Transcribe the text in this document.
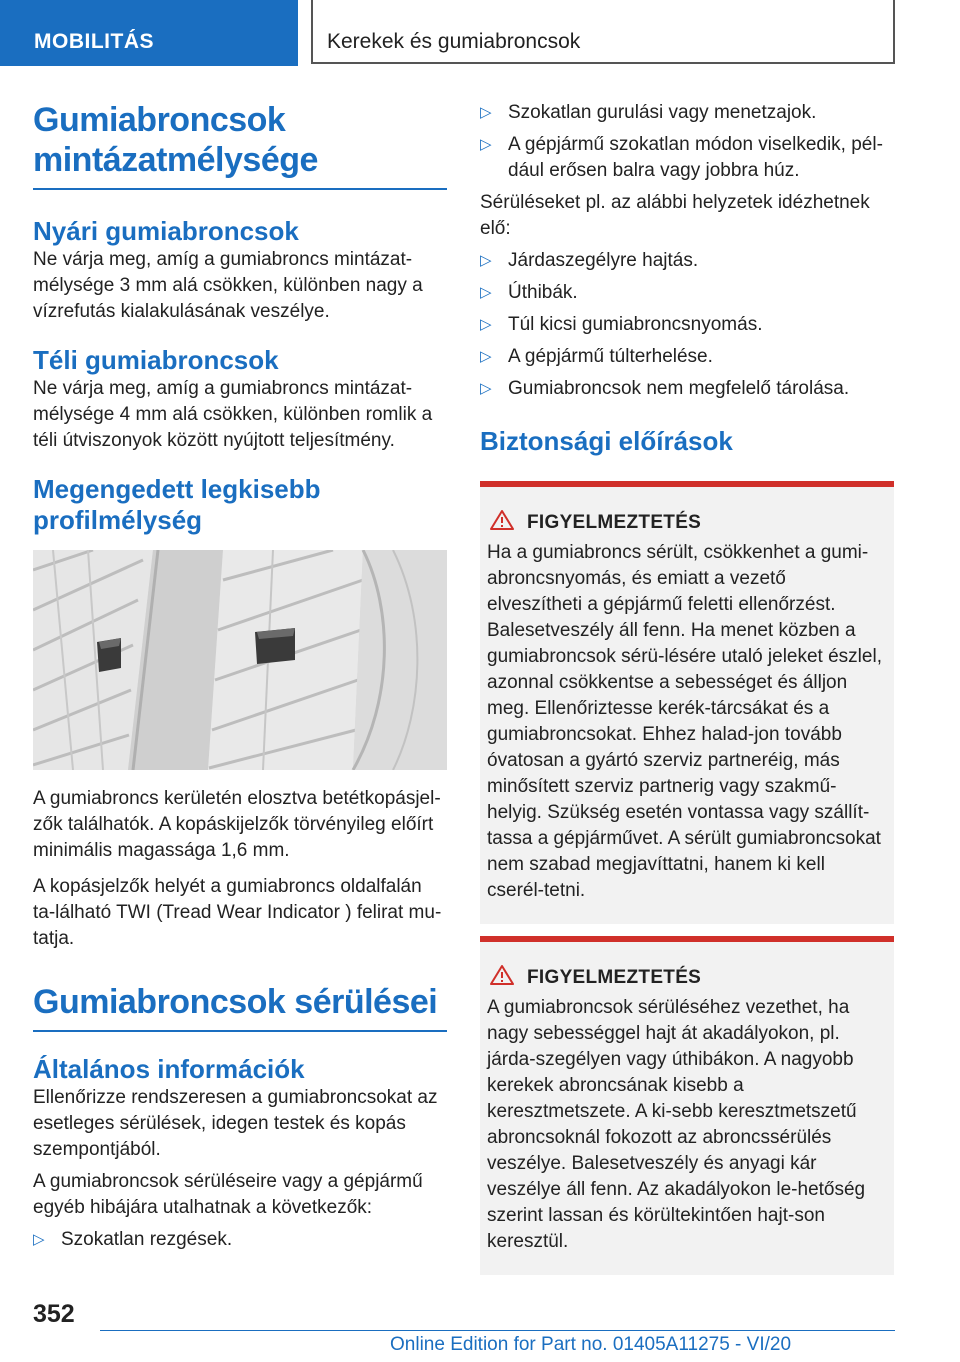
MOBILITÁS	Kerekek és gumiabroncsok
Gumiabroncsok
mintázatmélysége
Nyári gumiabroncsok

Ne várja meg, amíg a gumiabroncs mintázat-mélysége 3 mm alá csökken, különben nagy a vízrefutás kialakulásának veszélye.

Téli gumiabroncsok

Ne várja meg, amíg a gumiabroncs mintázat-mélysége 4 mm alá csökken, különben romlik a téli útviszonyok között nyújtott teljesítmény.

Megengedett legkisebb
profilmélység

A gumiabroncs kerületén elosztva betétkopásjel-zők találhatók. A kopáskijelzők törvényileg előírt minimális magassága 1,6 mm.

A kopásjelzők helyét a gumiabroncs oldalfalán ta-lálható TWI (Tread Wear Indicator ) felirat mu-tatja.

Gumiabroncsok sérülései
Általános információk

Ellenőrizze rendszeresen a gumiabroncsokat az esetleges sérülések, idegen testek és kopás szempontjából.

A gumiabroncsok sérüléseire vagy a gépjármű egyéb hibájára utalhatnak a következők:

▷ Szokatlan rezgések.
▷ Szokatlan gurulási vagy menetzajok.
▷ A gépjármű szokatlan módon viselkedik, pél-dául erősen balra vagy jobbra húz.

Sérüléseket pl. az alábbi helyzetek idézhetnek elő:

▷ Járdaszegélyre hajtás.
▷ Úthibák.
▷ Túl kicsi gumiabroncsnyomás.
▷ A gépjármű túlterhelése.
▷ Gumiabroncsok nem megfelelő tárolása.
Biztonsági előírások
FIGYELMEZTETÉS
Ha a gumiabroncs sérült, csökkenhet a gumi-abroncsnyomás, és emiatt a vezető elveszítheti a gépjármű feletti ellenőrzést. Balesetveszély áll fenn. Ha menet közben a gumiabroncsok sérü-lésére utaló jeleket észlel, azonnal csökkentse a sebességet és álljon meg. Ellenőriztesse kerék-tárcsákat és a gumiabroncsokat. Ehhez halad-jon tovább óvatosan a gyártó szerviz partneréig, más minősített szerviz partnerig vagy szakmű-helyig. Szükség esetén vontassa vagy szállít-tassa a gépjárművet. A sérült gumiabroncsokat nem szabad megjavíttatni, hanem ki kell cserél-tetni.
FIGYELMEZTETÉS
A gumiabroncsok sérüléséhez vezethet, ha nagy sebességgel hajt át akadályokon, pl. járda-szegélyen vagy úthibákon. A nagyobb kerekek abroncsának kisebb a keresztmetszete. A ki-sebb keresztmetszetű abroncsoknál fokozott az abroncssérülés veszélye. Balesetveszély és anyagi kár veszélye áll fenn. Az akadályokon le-hetőség szerint lassan és körültekintően hajt-son keresztül.
352
Online Edition for Part no. 01405A11275 - VI/20
